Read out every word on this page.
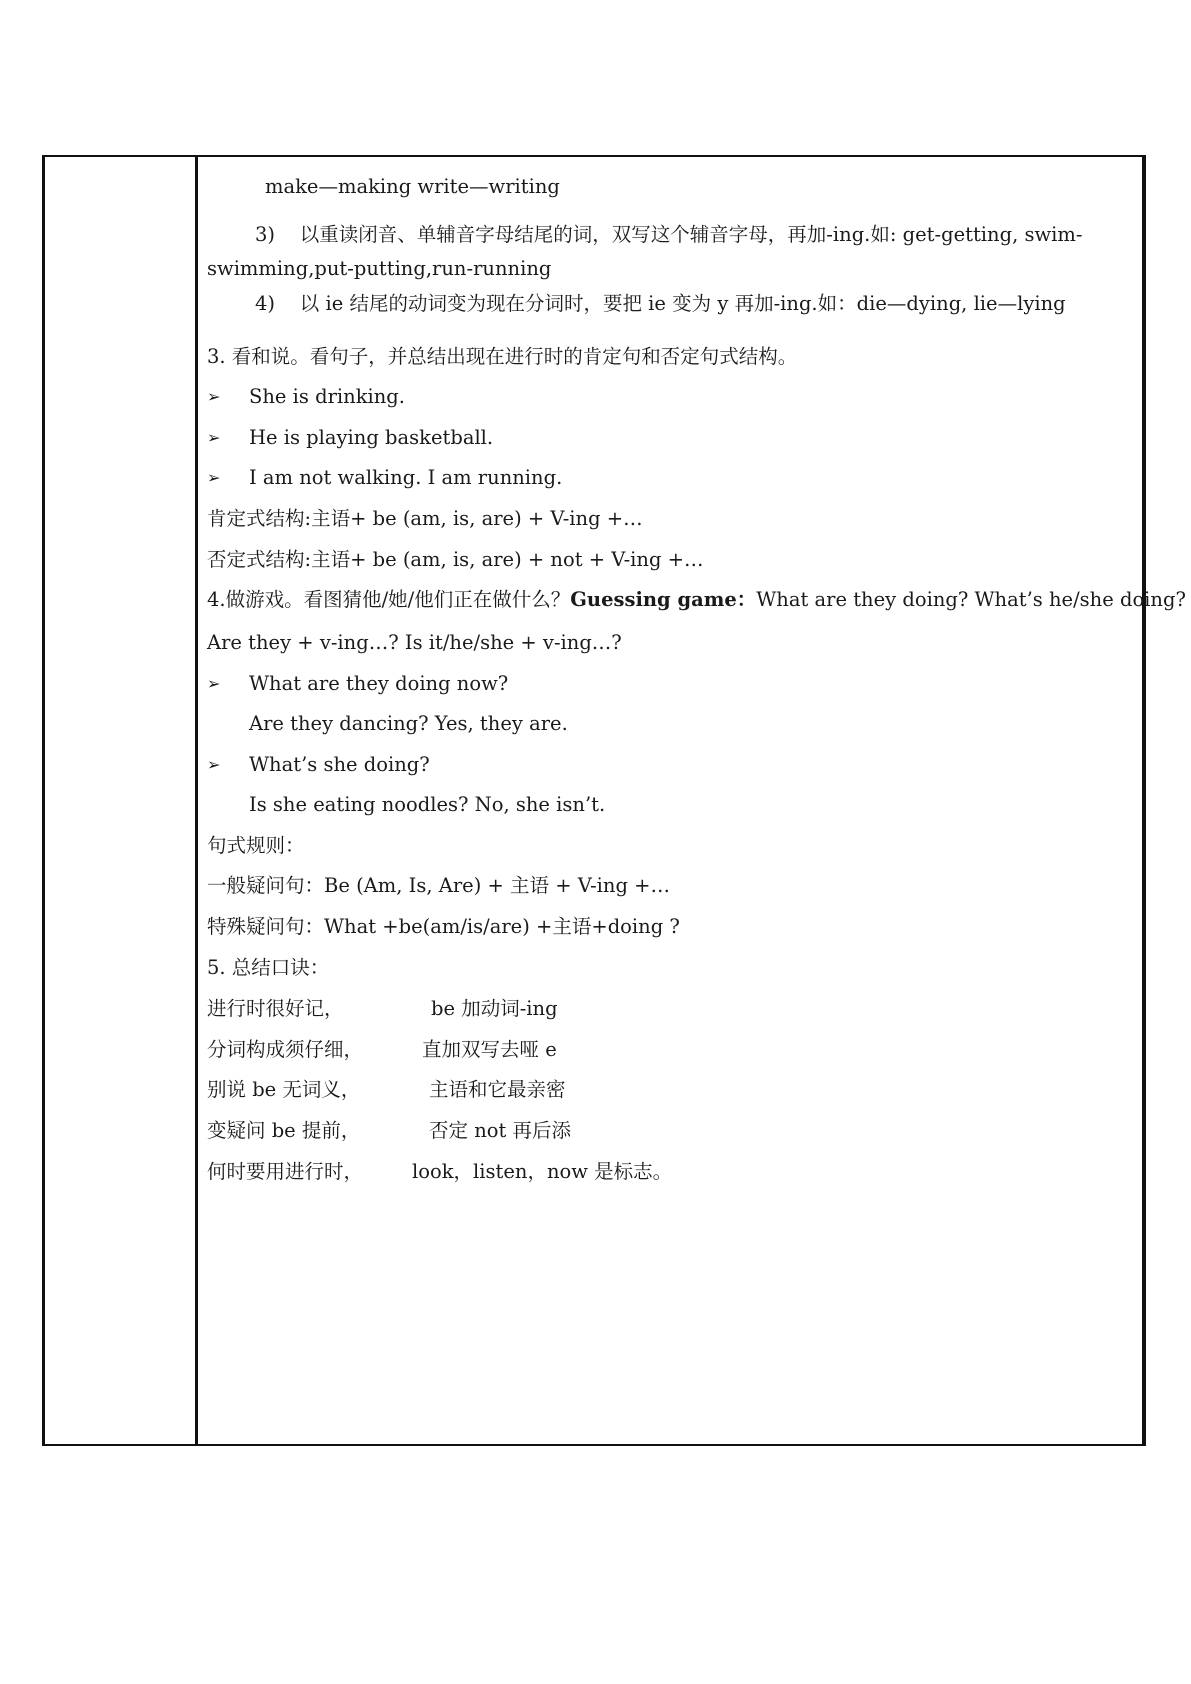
make—making write—writing
3)    以重读闭音、单辅音字母结尾的词，双写这个辅音字母，再加-ing.如: get-getting, swim-
swimming,put-putting,run-running
4)    以 ie 结尾的动词变为现在分词时，要把 ie 变为 y 再加-ing.如：die—dying, lie—lying
3. 看和说。看句子，并总结出现在进行时的肯定句和否定句式结构。
➢ She is drinking.
➢ He is playing basketball.
➢ I am not walking. I am running.
肯定式结构:主语+ be (am, is, are) + V-ing +…
否定式结构:主语+ be (am, is, are) + not + V-ing +…
4.做游戏。看图猜他/她/他们正在做什么？Guessing game：What are they doing? What’s he/she doing?
Are they + v-ing…? Is it/he/she + v-ing…?
➢ What are they doing now?
Are they dancing? Yes, they are.
➢ What’s she doing?
Is she eating noodles? No, she isn’t.
句式规则：
一般疑问句：Be (Am, Is, Are) + 主语 + V-ing +…
特殊疑问句：What +be(am/is/are) +主语+doing ?
5. 总结口诀：
进行时很好记，	be 加动词-ing
分词构成须仔细，	直加双写去哑 e
别说 be 无词义，	主语和它最亲密
变疑问 be 提前，	否定 not 再后添
何时要用进行时，	look，listen，now 是标志。
